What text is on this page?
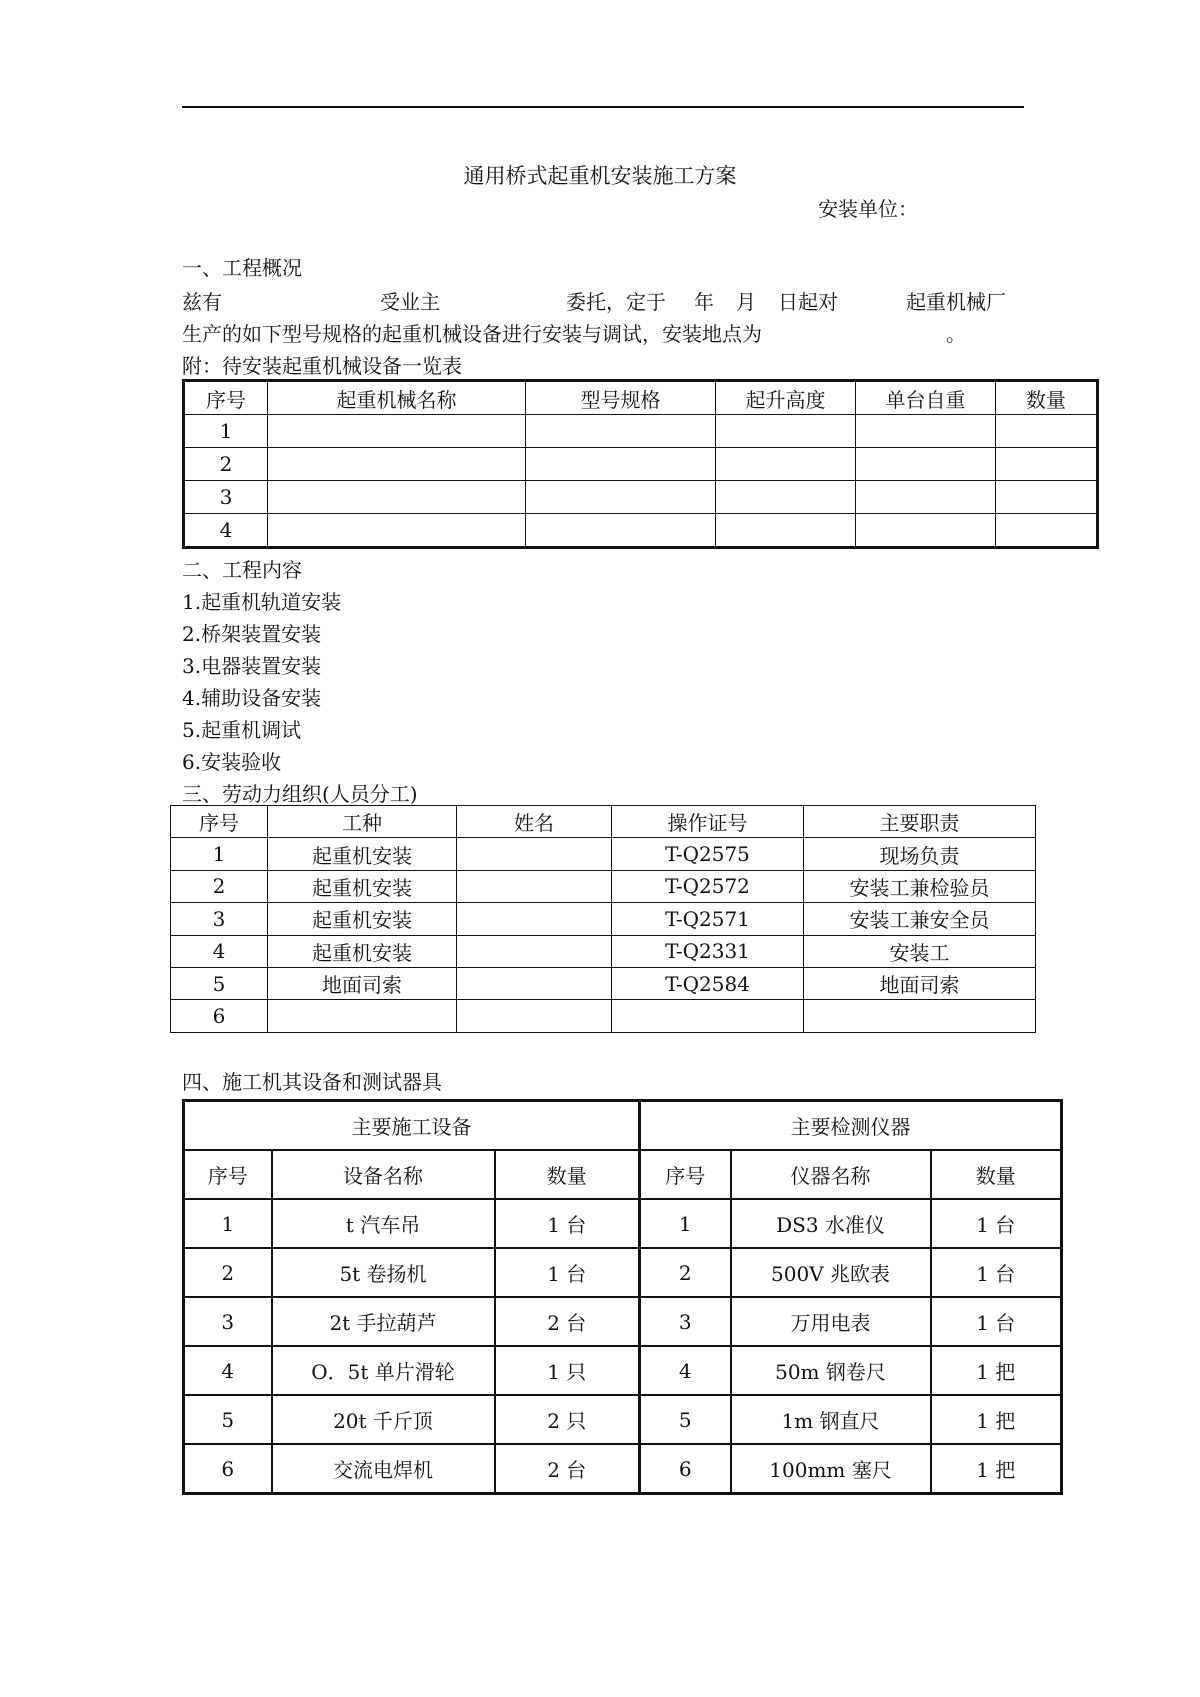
通用桥式起重机安装施工方案
安装单位：
一、工程概况
兹有	受业主	委托，定于 年 月 日起对	起重机械厂
生产的如下型号规格的起重机械设备进行安装与调试，安装地点为	。
附：待安装起重机械设备一览表
序号	起重机械名称	型号规格	起升高度	单台自重	数量
1					
2					
3					
4					
二、工程内容
1.起重机轨道安装
2.桥架装置安装
3.电器装置安装
4.辅助设备安装
5.起重机调试
6.安装验收
三、劳动力组织(人员分工)
序号	工种	姓名	操作证号	主要职责
1	起重机安装		T-Q2575	现场负责
2	起重机安装		T-Q2572	安装工兼检验员
3	起重机安装		T-Q2571	安装工兼安全员
4	起重机安装		T-Q2331	安装工
5	地面司索		T-Q2584	地面司索
6				
四、施工机其设备和测试器具
主要施工设备			主要检测仪器		
序号	设备名称	数量	序号	仪器名称	数量
1	t 汽车吊	1 台	1	DS3 水准仪	1 台
2	5t 卷扬机	1 台	2	500V 兆欧表	1 台
3	2t 手拉葫芦	2 台	3	万用电表	1 台
4	O．5t 单片滑轮	1 只	4	50m 钢卷尺	1 把
5	20t 千斤顶	2 只	5	1m 钢直尺	1 把
6	交流电焊机	2 台	6	100mm 塞尺	1 把
